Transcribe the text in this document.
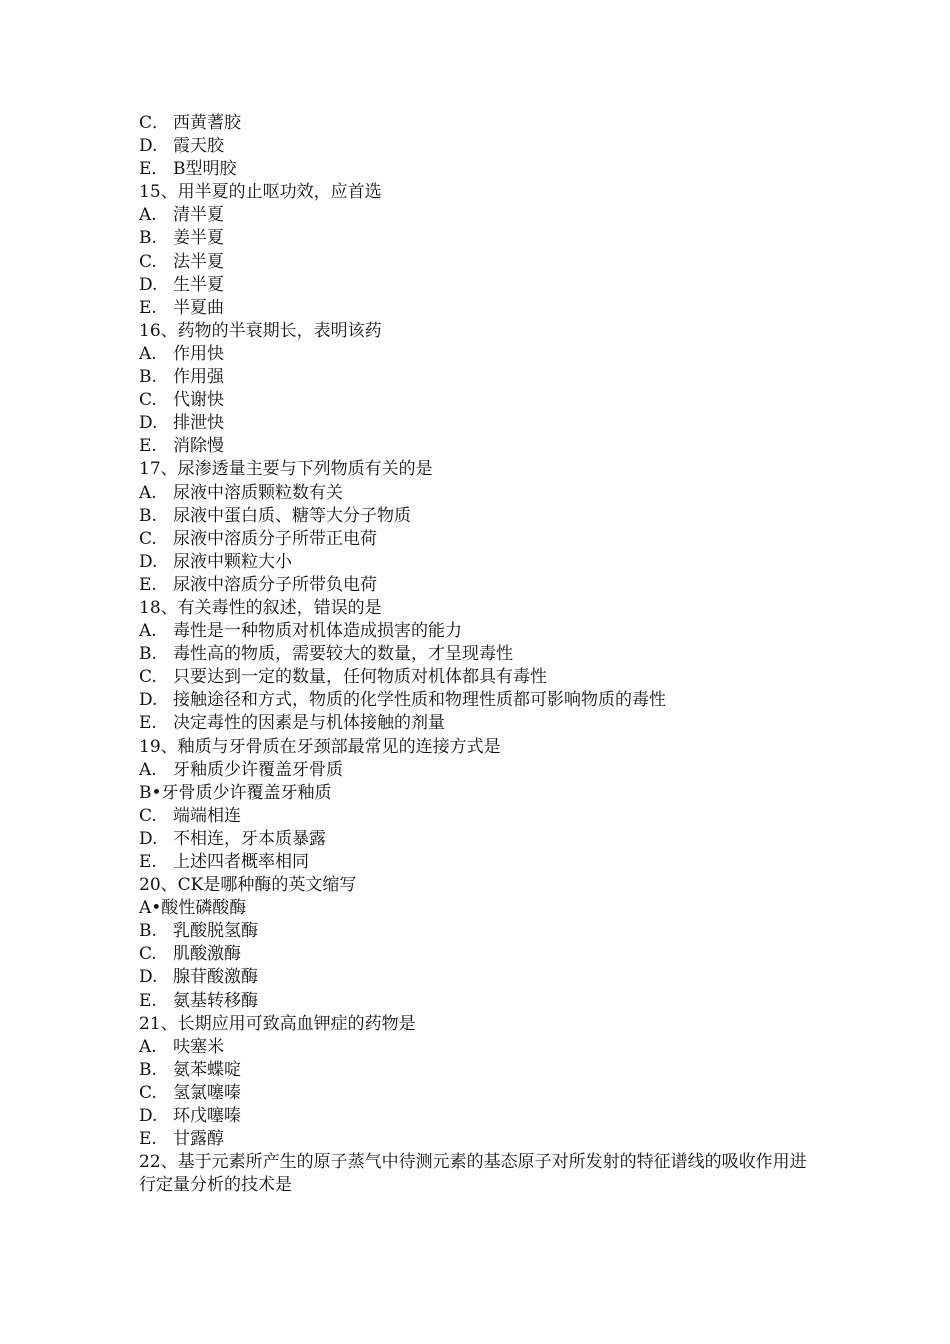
C． 西黄蓍胶
D. 霞天胶
E． B型明胶
15、用半夏的止呕功效，应首选
A. 清半夏
B. 姜半夏
C. 法半夏
D. 生半夏
E. 半夏曲
16、药物的半衰期长，表明该药
A. 作用快
B. 作用强
C. 代谢快
D. 排泄快
E. 消除慢
17、尿渗透量主要与下列物质有关的是
A. 尿液中溶质颗粒数有关
B. 尿液中蛋白质、糖等大分子物质
C. 尿液中溶质分子所带正电荷
D. 尿液中颗粒大小
E. 尿液中溶质分子所带负电荷
18、有关毒性的叙述，错误的是
A. 毒性是一种物质对机体造成损害的能力
B. 毒性高的物质，需要较大的数量，才呈现毒性
C. 只要达到一定的数量，任何物质对机体都具有毒性
D. 接触途径和方式，物质的化学性质和物理性质都可影响物质的毒性
E. 决定毒性的因素是与机体接触的剂量
19、釉质与牙骨质在牙颈部最常见的连接方式是
A. 牙釉质少许覆盖牙骨质
B•牙骨质少许覆盖牙釉质
C. 端端相连
D. 不相连，牙本质暴露
E. 上述四者概率相同
20、CK是哪种酶的英文缩写
A•酸性磷酸酶
B. 乳酸脱氢酶
C. 肌酸激酶
D. 腺苷酸激酶
E. 氨基转移酶
21、长期应用可致高血钾症的药物是
A. 呋塞米
B. 氨苯蝶啶
C. 氢氯噻嗪
D. 环戊噻嗪
E. 甘露醇
22、基于元素所产生的原子蒸气中待测元素的基态原子对所发射的特征谱线的吸收作用进行定量分析的技术是
